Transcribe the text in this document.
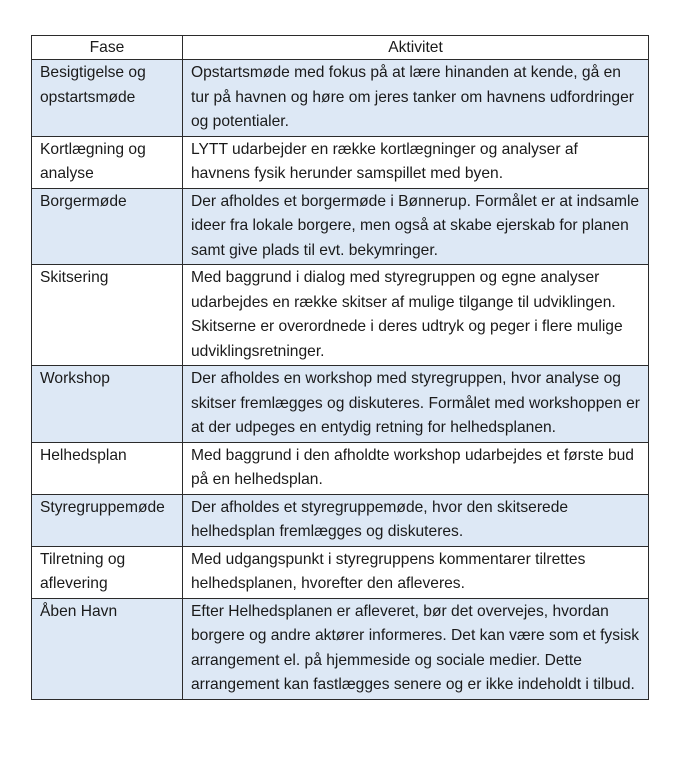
Fase	Aktivitet
Besigtigelse og opstartsmøde	Opstartsmøde med fokus på at lære hinanden at kende, gå en tur på havnen og høre om jeres tanker om havnens udfordringer og potentialer.
Kortlægning og analyse	LYTT udarbejder en række kortlægninger og analyser af havnens fysik herunder samspillet med byen.
Borgermøde	Der afholdes et borgermøde i Bønnerup. Formålet er at indsamle ideer fra lokale borgere, men også at skabe ejerskab for planen samt give plads til evt. bekymringer.
Skitsering	Med baggrund i dialog med styregruppen og egne analyser udarbejdes en række skitser af mulige tilgange til udviklingen. Skitserne er overordnede i deres udtryk og peger i flere mulige udviklingsretninger.
Workshop	Der afholdes en workshop med styregruppen, hvor analyse og skitser fremlægges og diskuteres. Formålet med workshoppen er at der udpeges en entydig retning for helhedsplanen.
Helhedsplan	Med baggrund i den afholdte workshop udarbejdes et første bud på en helhedsplan.
Styregruppemøde	Der afholdes et styregruppemøde, hvor den skitserede helhedsplan fremlægges og diskuteres.
Tilretning og aflevering	Med udgangspunkt i styregruppens kommentarer tilrettes helhedsplanen, hvorefter den afleveres.
Åben Havn	Efter Helhedsplanen er afleveret, bør det overvejes, hvordan borgere og andre aktører informeres. Det kan være som et fysisk arrangement el. på hjemmeside og sociale medier. Dette arrangement kan fastlægges senere og er ikke indeholdt i tilbud.
